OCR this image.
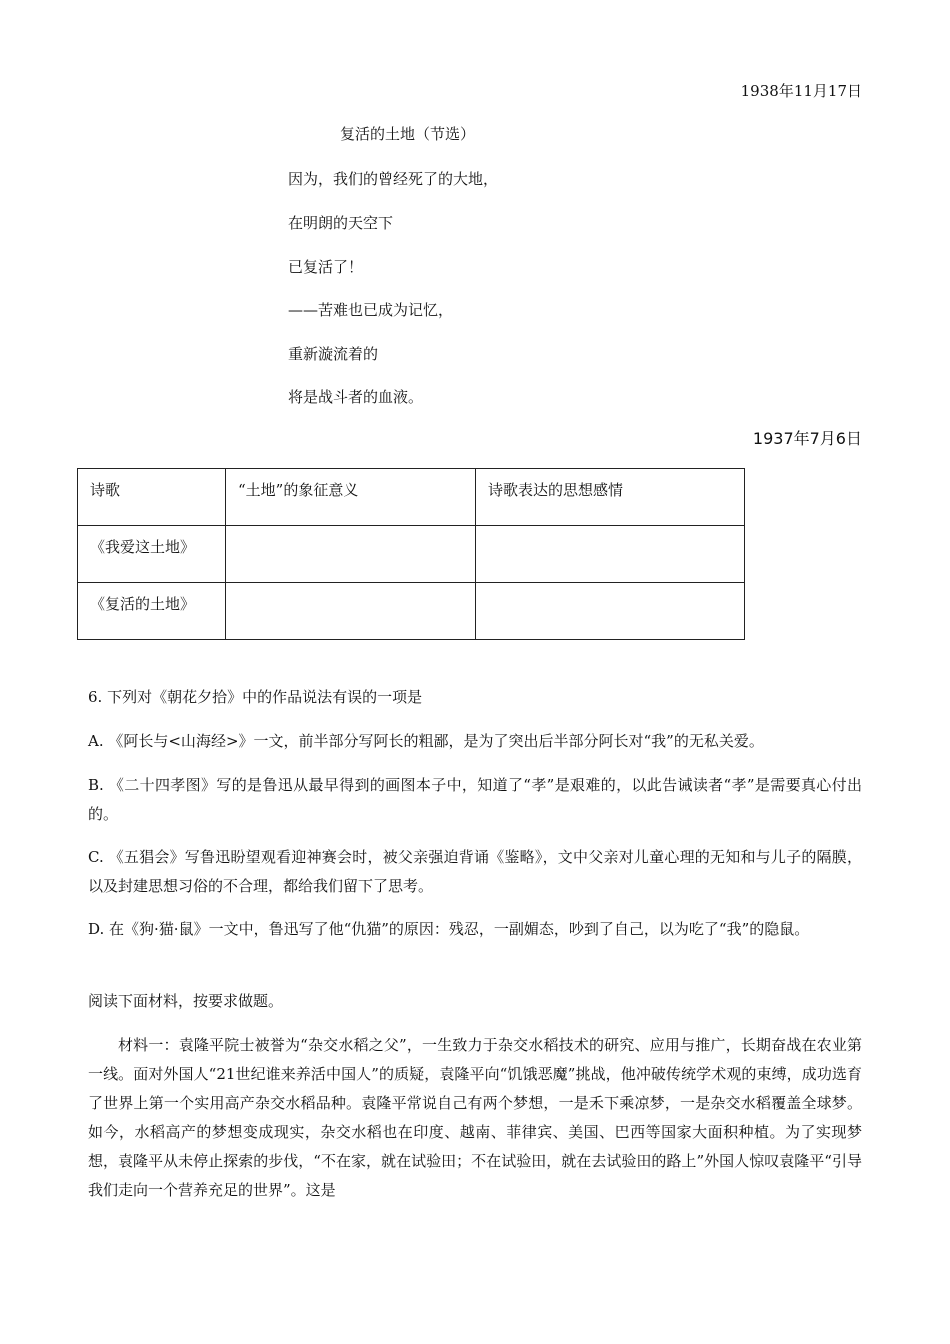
1938年11月17日
复活的土地（节选）
因为，我们的曾经死了的大地，
在明朗的天空下
已复活了！
——苦难也已成为记忆，
重新漩流着的
将是战斗者的血液。
1937年7月6日
诗歌	“土地”的象征意义	诗歌表达的思想感情
《我爱这土地》		
《复活的土地》		
6. 下列对《朝花夕拾》中的作品说法有误的一项是
A. 《阿长与<山海经>》一文，前半部分写阿长的粗鄙，是为了突出后半部分阿长对“我”的无私关爱。
B. 《二十四孝图》写的是鲁迅从最早得到的画图本子中，知道了“孝”是艰难的，以此告诫读者“孝”是需要真心付出的。
C. 《五猖会》写鲁迅盼望观看迎神赛会时，被父亲强迫背诵《鉴略》，文中父亲对儿童心理的无知和与儿子的隔膜，以及封建思想习俗的不合理，都给我们留下了思考。
D. 在《狗·猫·鼠》一文中，鲁迅写了他“仇猫”的原因：残忍，一副媚态，吵到了自己，以为吃了“我”的隐鼠。
阅读下面材料，按要求做题。
材料一：袁隆平院士被誉为“杂交水稻之父”，一生致力于杂交水稻技术的研究、应用与推广，长期奋战在农业第一线。面对外国人“21世纪谁来养活中国人”的质疑，袁隆平向“饥饿恶魔”挑战，他冲破传统学术观的束缚，成功选育了世界上第一个实用高产杂交水稻品种。袁隆平常说自己有两个梦想，一是禾下乘凉梦，一是杂交水稻覆盖全球梦。如今，水稻高产的梦想变成现实，杂交水稻也在印度、越南、菲律宾、美国、巴西等国家大面积种植。为了实现梦想，袁隆平从未停止探索的步伐，“不在家，就在试验田；不在试验田，就在去试验田的路上”外国人惊叹袁隆平“引导我们走向一个营养充足的世界”。这是
